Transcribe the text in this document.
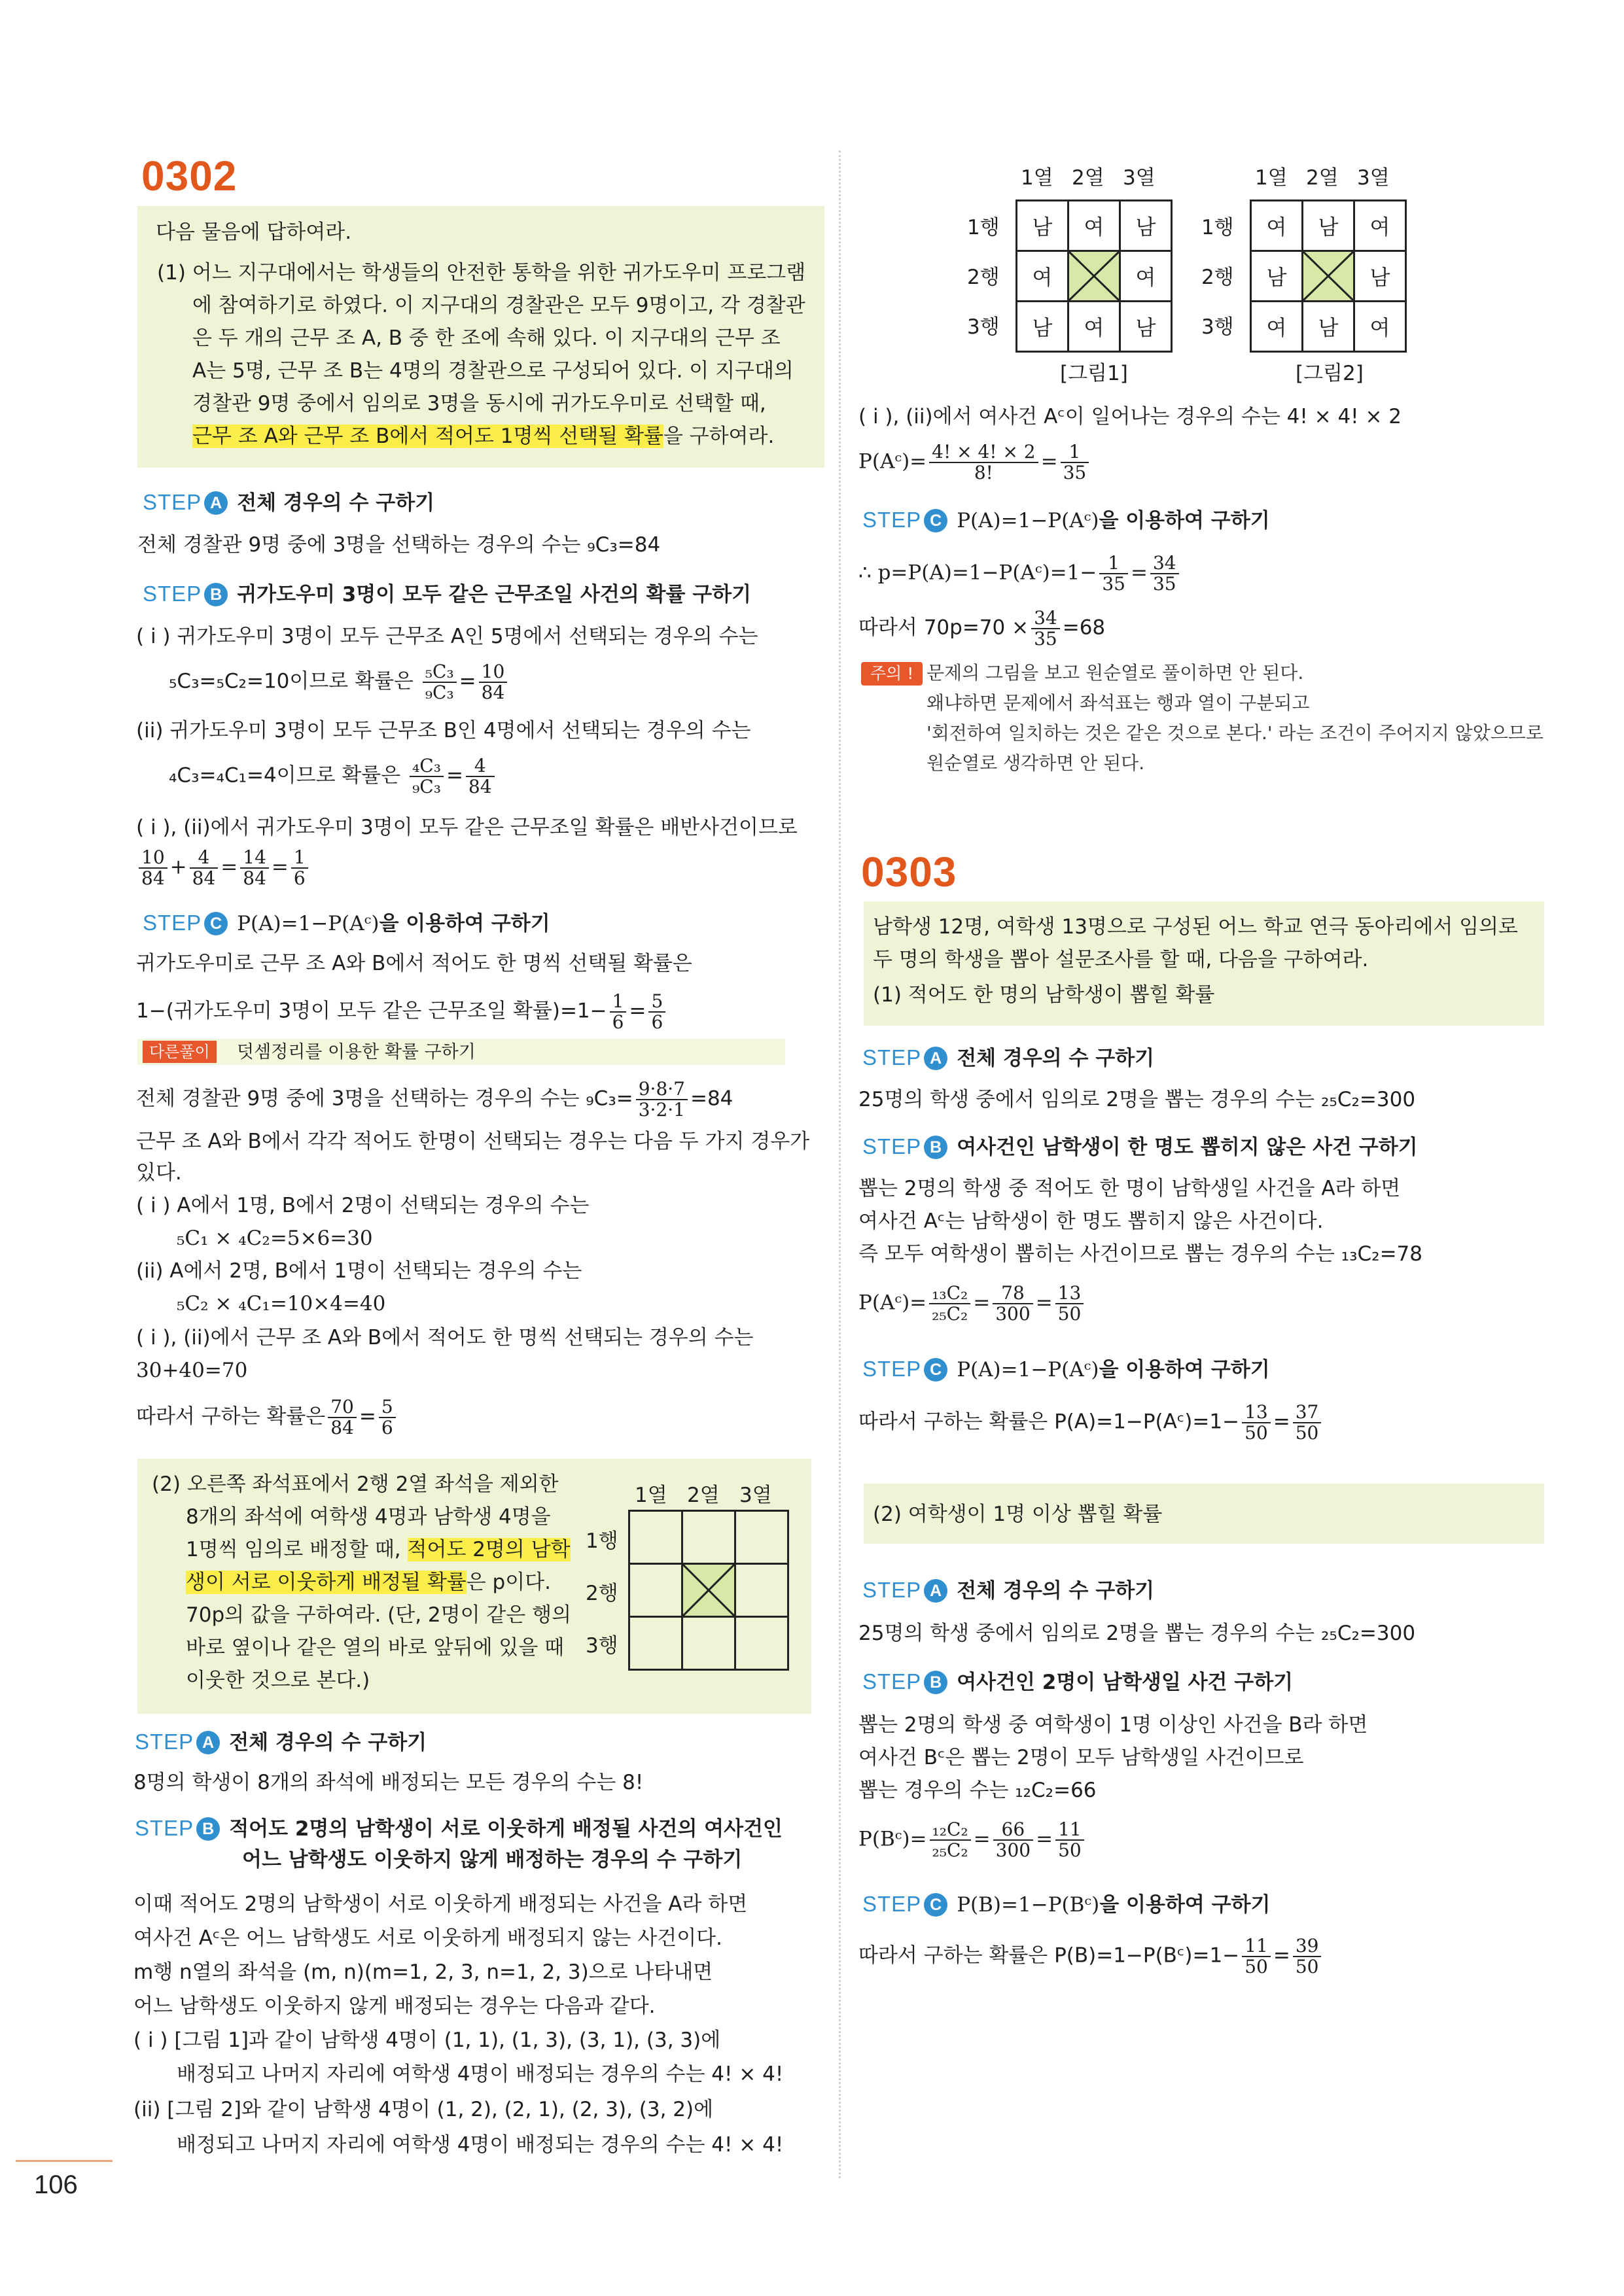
0302
다음 물음에 답하여라.
(1) 어느 지구대에서는 학생들의 안전한 통학을 위한 귀가도우미 프로그램
에 참여하기로 하였다. 이 지구대의 경찰관은 모두 9명이고, 각 경찰관
은 두 개의 근무 조 A, B 중 한 조에 속해 있다. 이 지구대의 근무 조
A는 5명, 근무 조 B는 4명의 경찰관으로 구성되어 있다. 이 지구대의
경찰관 9명 중에서 임의로 3명을 동시에 귀가도우미로 선택할 때,
근무 조 A와 근무 조 B에서 적어도 1명씩 선택될 확률을 구하여라.
STEP A 전체 경우의 수 구하기
전체 경찰관 9명 중에 3명을 선택하는 경우의 수는 ₉C₃=84
STEP B 귀가도우미 3명이 모두 같은 근무조일 사건의 확률 구하기
( i ) 귀가도우미 3명이 모두 근무조 A인 5명에서 선택되는 경우의 수는
₅C₃=₅C₂=10이므로 확률은 $\frac{\text{₅C₃}}{\text{₉C₃}} = \frac{10}{84}$
(ii) 귀가도우미 3명이 모두 근무조 B인 4명에서 선택되는 경우의 수는
₄C₃=₄C₁=4이므로 확률은 $\frac{\text{₄C₃}}{\text{₉C₃}} = \frac{4}{84}$
( i ), (ii)에서 귀가도우미 3명이 모두 같은 근무조일 확률은 배반사건이므로
$\frac{10}{84} + \frac{4}{84} = \frac{14}{84} = \frac{1}{6}$
STEP C P(A)=1−P(Aᶜ)을 이용하여 구하기
귀가도우미로 근무 조 A와 B에서 적어도 한 명씩 선택될 확률은
1−(귀가도우미 3명이 모두 같은 근무조일 확률)$=1- \frac{1}{6} = \frac{5}{6}$
다른풀이	덧셈정리를 이용한 확률 구하기
전체 경찰관 9명 중에 3명을 선택하는 경우의 수는 $_9C_3= \frac{9\cdot 8\cdot 7}{3\cdot 2\cdot 1} =84$
근무 조 A와 B에서 각각 적어도 한명이 선택되는 경우는 다음 두 가지 경우가
있다.
( i ) A에서 1명, B에서 2명이 선택되는 경우의 수는
₅C₁ × ₄C₂=5×6=30
(ii) A에서 2명, B에서 1명이 선택되는 경우의 수는
₅C₂ × ₄C₁=10×4=40
( i ), (ii)에서 근무 조 A와 B에서 적어도 한 명씩 선택되는 경우의 수는
30+40=70
따라서 구하는 확률은 $\frac{70}{84} = \frac{5}{6}$
(2) 오른쪽 좌석표에서 2행 2열 좌석을 제외한
8개의 좌석에 여학생 4명과 남학생 4명을
1명씩 임의로 배정할 때, 적어도 2명의 남학
생이 서로 이웃하게 배정될 확률은 p이다.
70p의 값을 구하여라. (단, 2명이 같은 행의
바로 옆이나 같은 열의 바로 앞뒤에 있을 때
이웃한 것으로 본다.)
1열 2열 3열
1행
2행
3행

STEP A 전체 경우의 수 구하기
8명의 학생이 8개의 좌석에 배정되는 모든 경우의 수는 8!
STEP B 적어도 2명의 남학생이 서로 이웃하게 배정될 사건의 여사건인
어느 남학생도 이웃하지 않게 배정하는 경우의 수 구하기
이때 적어도 2명의 남학생이 서로 이웃하게 배정되는 사건을 A라 하면
여사건 Aᶜ은 어느 남학생도 서로 이웃하게 배정되지 않는 사건이다.
m행 n열의 좌석을 (m, n)(m=1, 2, 3, n=1, 2, 3)으로 나타내면
어느 남학생도 이웃하지 않게 배정되는 경우는 다음과 같다.
( i ) [그림 1]과 같이 남학생 4명이 (1, 1), (1, 3), (3, 1), (3, 3)에
배정되고 나머지 자리에 여학생 4명이 배정되는 경우의 수는 4! × 4!
(ii) [그림 2]와 같이 남학생 4명이 (1, 2), (2, 1), (2, 3), (3, 2)에
배정되고 나머지 자리에 여학생 4명이 배정되는 경우의 수는 4! × 4!
1열 2열 3열
1행
2행
3행
남	여	남
여		여
남	여	남
[그림1]
1열 2열 3열
1행
2행
3행
여	남	여
남		남
여	남	여
[그림2]
( i ), (ii)에서 여사건 Aᶜ이 일어나는 경우의 수는 4! × 4! × 2
P(Aᶜ)= $\frac{4! \times 4! \times 2}{8!} = \frac{1}{35}$
STEP C P(A)=1−P(Aᶜ)을 이용하여 구하기
∴ p=P(A)=1−P(Aᶜ)=1− $\frac{1}{35} = \frac{34}{35}$
따라서 $70p=70 \times \frac{34}{35} =68$
주의 ! 문제의 그림을 보고 원순열로 풀이하면 안 된다.
왜냐하면 문제에서 좌석표는 행과 열이 구분되고
'회전하여 일치하는 것은 같은 것으로 본다.' 라는 조건이 주어지지 않았으므로
원순열로 생각하면 안 된다.
0303
남학생 12명, 여학생 13명으로 구성된 어느 학교 연극 동아리에서 임의로
두 명의 학생을 뽑아 설문조사를 할 때, 다음을 구하여라.
(1) 적어도 한 명의 남학생이 뽑힐 확률
STEP A 전체 경우의 수 구하기
25명의 학생 중에서 임의로 2명을 뽑는 경우의 수는 ₂₅C₂=300
STEP B 여사건인 남학생이 한 명도 뽑히지 않은 사건 구하기
뽑는 2명의 학생 중 적어도 한 명이 남학생일 사건을 A라 하면
여사건 Aᶜ는 남학생이 한 명도 뽑히지 않은 사건이다.
즉 모두 여학생이 뽑히는 사건이므로 뽑는 경우의 수는 ₁₃C₂=78
P(Aᶜ)= $\frac{\text{₁₃C₂}}{\text{₂₅C₂}} = \frac{78}{300} = \frac{13}{50}$
STEP C P(A)=1−P(Aᶜ)을 이용하여 구하기
따라서 구하는 확률은 P(A)=1−P(Aᶜ)=1− $\frac{13}{50} = \frac{37}{50}$
(2) 여학생이 1명 이상 뽑힐 확률
STEP A 전체 경우의 수 구하기
25명의 학생 중에서 임의로 2명을 뽑는 경우의 수는 ₂₅C₂=300
STEP B 여사건인 2명이 남학생일 사건 구하기
뽑는 2명의 학생 중 여학생이 1명 이상인 사건을 B라 하면
여사건 Bᶜ은 뽑는 2명이 모두 남학생일 사건이므로
뽑는 경우의 수는 ₁₂C₂=66
P(Bᶜ)= $\frac{\text{₁₂C₂}}{\text{₂₅C₂}} = \frac{66}{300} = \frac{11}{50}$
STEP C P(B)=1−P(Bᶜ)을 이용하여 구하기
따라서 구하는 확률은 P(B)=1−P(Bᶜ)=1− $\frac{11}{50} = \frac{39}{50}$
106
